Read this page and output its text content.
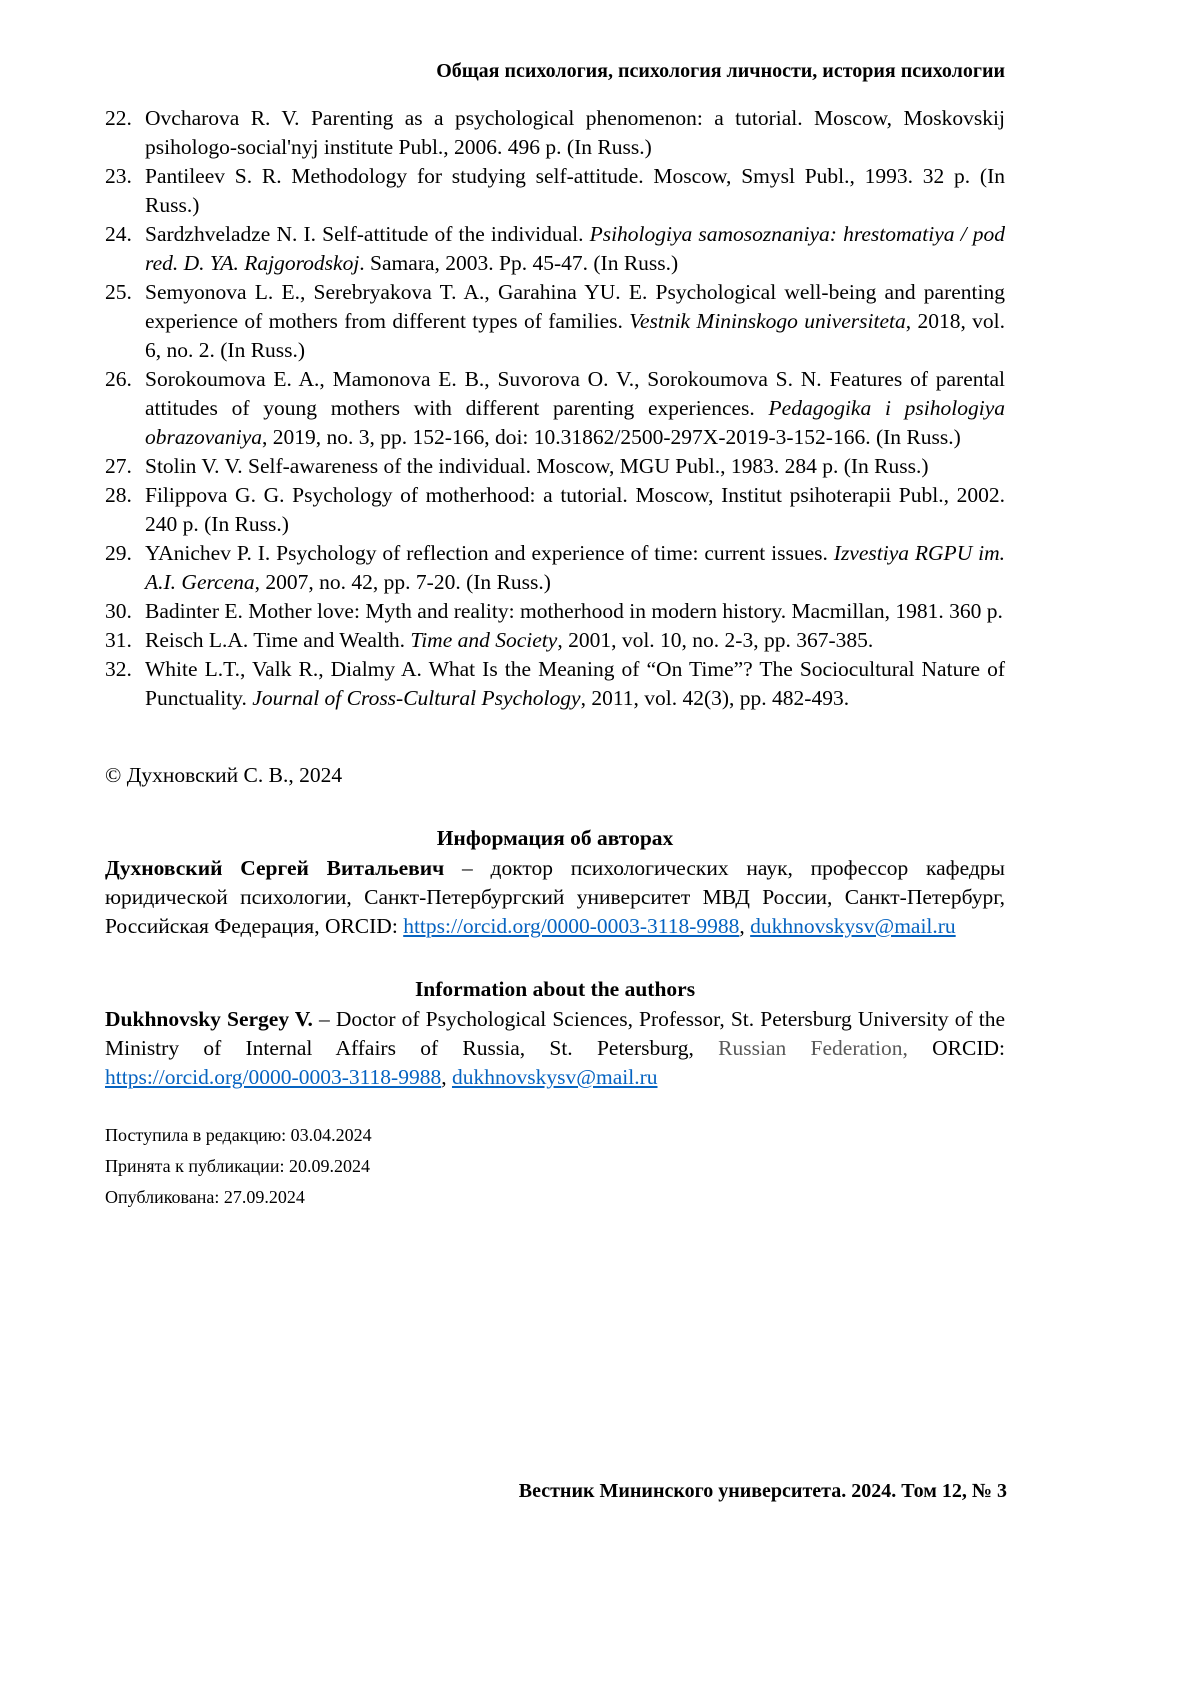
Общая психология, психология личности, история психологии
22. Ovcharova R. V. Parenting as a psychological phenomenon: a tutorial. Moscow, Moskovskij psihologo-social'nyj institute Publ., 2006. 496 p. (In Russ.)
23. Pantileev S. R. Methodology for studying self-attitude. Moscow, Smysl Publ., 1993. 32 p. (In Russ.)
24. Sardzhveladze N. I. Self-attitude of the individual. Psihologiya samosoznaniya: hrestomatiya / pod red. D. YA. Rajgorodskoj. Samara, 2003. Pp. 45-47. (In Russ.)
25. Semyonova L. E., Serebryakova T. A., Garahina YU. E. Psychological well-being and parenting experience of mothers from different types of families. Vestnik Mininskogo universiteta, 2018, vol. 6, no. 2. (In Russ.)
26. Sorokoumova E. A., Mamonova E. B., Suvorova O. V., Sorokoumova S. N. Features of parental attitudes of young mothers with different parenting experiences. Pedagogika i psihologiya obrazovaniya, 2019, no. 3, pp. 152-166, doi: 10.31862/2500-297X-2019-3-152-166. (In Russ.)
27. Stolin V. V. Self-awareness of the individual. Moscow, MGU Publ., 1983. 284 p. (In Russ.)
28. Filippova G. G. Psychology of motherhood: a tutorial. Moscow, Institut psihoterapii Publ., 2002. 240 p. (In Russ.)
29. YAnichev P. I. Psychology of reflection and experience of time: current issues. Izvestiya RGPU im. A.I. Gercena, 2007, no. 42, pp. 7-20. (In Russ.)
30. Badinter E. Mother love: Myth and reality: motherhood in modern history. Macmillan, 1981. 360 p.
31. Reisch L.A. Time and Wealth. Time and Society, 2001, vol. 10, no. 2-3, pp. 367-385.
32. White L.T., Valk R., Dialmy A. What Is the Meaning of “On Time”? The Sociocultural Nature of Punctuality. Journal of Cross-Cultural Psychology, 2011, vol. 42(3), pp. 482-493.
© Духновский С. В., 2024
Информация об авторах

Духновский Сергей Витальевич – доктор психологических наук, профессор кафедры юридической психологии, Санкт-Петербургский университет МВД России, Санкт-Петербург, Российская Федерация, ORCID: https://orcid.org/0000-0003-3118-9988, dukhnovskysv@mail.ru

Information about the authors

Dukhnovsky Sergey V. – Doctor of Psychological Sciences, Professor, St. Petersburg University of the Ministry of Internal Affairs of Russia, St. Petersburg, Russian Federation, ORCID: https://orcid.org/0000-0003-3118-9988, dukhnovskysv@mail.ru

Поступила в редакцию: 03.04.2024
Принята к публикации: 20.09.2024
Опубликована: 27.09.2024
Вестник Мининского университета. 2024. Том 12, № 3
